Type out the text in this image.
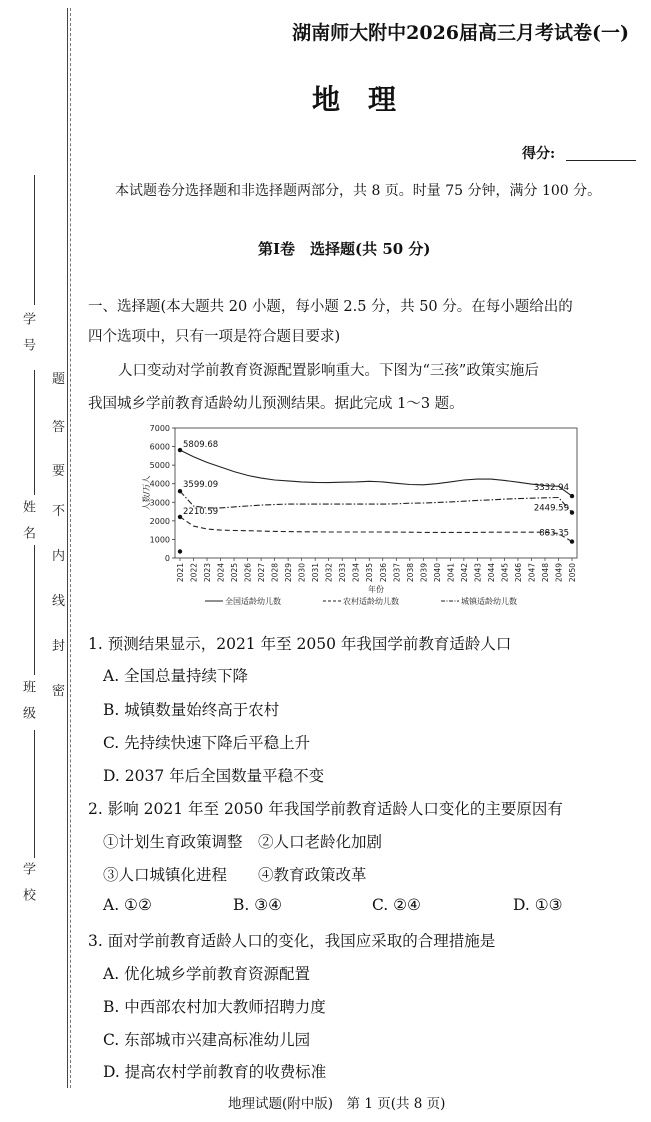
学　号
姓　名
班　级
学　校
题
答
要
不
内
线
封
密
湖南师大附中2026届高三月考试卷(一)
地　理
得分:
本试题卷分选择题和非选择题两部分，共 8 页。时量 75 分钟，满分 100 分。
第Ⅰ卷　选择题(共 50 分)
一、选择题(本大题共 20 小题，每小题 2.5 分，共 50 分。在每小题给出的
四个选项中，只有一项是符合题目要求)
人口变动对学前教育资源配置影响重大。下图为“三孩”政策实施后
我国城乡学前教育适龄幼儿预测结果。据此完成 1～3 题。
0
1000
2000
3000
4000
5000
6000
7000
人数/万人
2021 2022 2023 2024 2025 2026 2027 2028 2029 2030 2031 2032 2033 2034 2035 2036 2037 2038 2039 2040 2041 2042 2043 2044 2045 2046 2047 2048 2049 2050
年份
5809.68
3599.09
2210.59
3332.94
2449.59
883.35
全国适龄幼儿数	农村适龄幼儿数	城镇适龄幼儿数
1. 预测结果显示，2021 年至 2050 年我国学前教育适龄人口
A. 全国总量持续下降
B. 城镇数量始终高于农村
C. 先持续快速下降后平稳上升
D. 2037 年后全国数量平稳不变
2. 影响 2021 年至 2050 年我国学前教育适龄人口变化的主要原因有
①计划生育政策调整　②人口老龄化加剧
③人口城镇化进程　　④教育政策改革
A. ①②	B. ③④	C. ②④	D. ①③
3. 面对学前教育适龄人口的变化，我国应采取的合理措施是
A. 优化城乡学前教育资源配置
B. 中西部农村加大教师招聘力度
C. 东部城市兴建高标准幼儿园
D. 提高农村学前教育的收费标准
地理试题(附中版)　第 1 页(共 8 页)
